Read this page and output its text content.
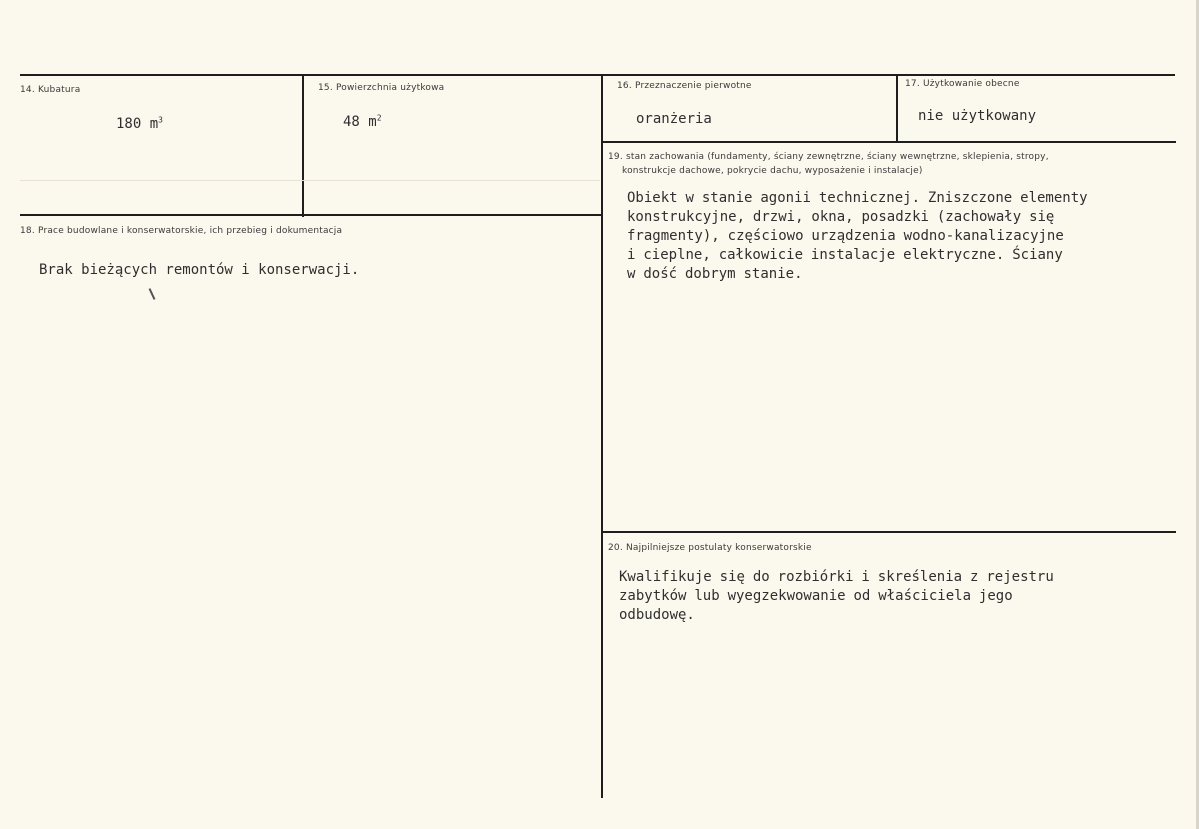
14. Kubatura
180 $m^3$
15. Powierzchnia użytkowa
48 $m^2$
16. Przeznaczenie pierwotne
oranżeria
17. Użytkowanie obecne
nie użytkowany
18. Prace budowlane i konserwatorskie, ich przebieg i dokumentacja
Brak bieżących remontów i konserwacji.
19. stan zachowania (fundamenty, ściany zewnętrzne, ściany wewnętrzne, sklepienia, stropy,
konstrukcje dachowe, pokrycie dachu, wyposażenie i instalacje)
Obiekt w stanie agonii technicznej. Zniszczone elementy
konstrukcyjne, drzwi, okna, posadzki (zachowały się
fragmenty), częściowo urządzenia wodno-kanalizacyjne
i cieplne, całkowicie instalacje elektryczne. Ściany
w dość dobrym stanie.
20. Najpilniejsze postulaty konserwatorskie
Kwalifikuje się do rozbiórki i skreślenia z rejestru
zabytków lub wyegzekwowanie od właściciela jego
odbudowę.
